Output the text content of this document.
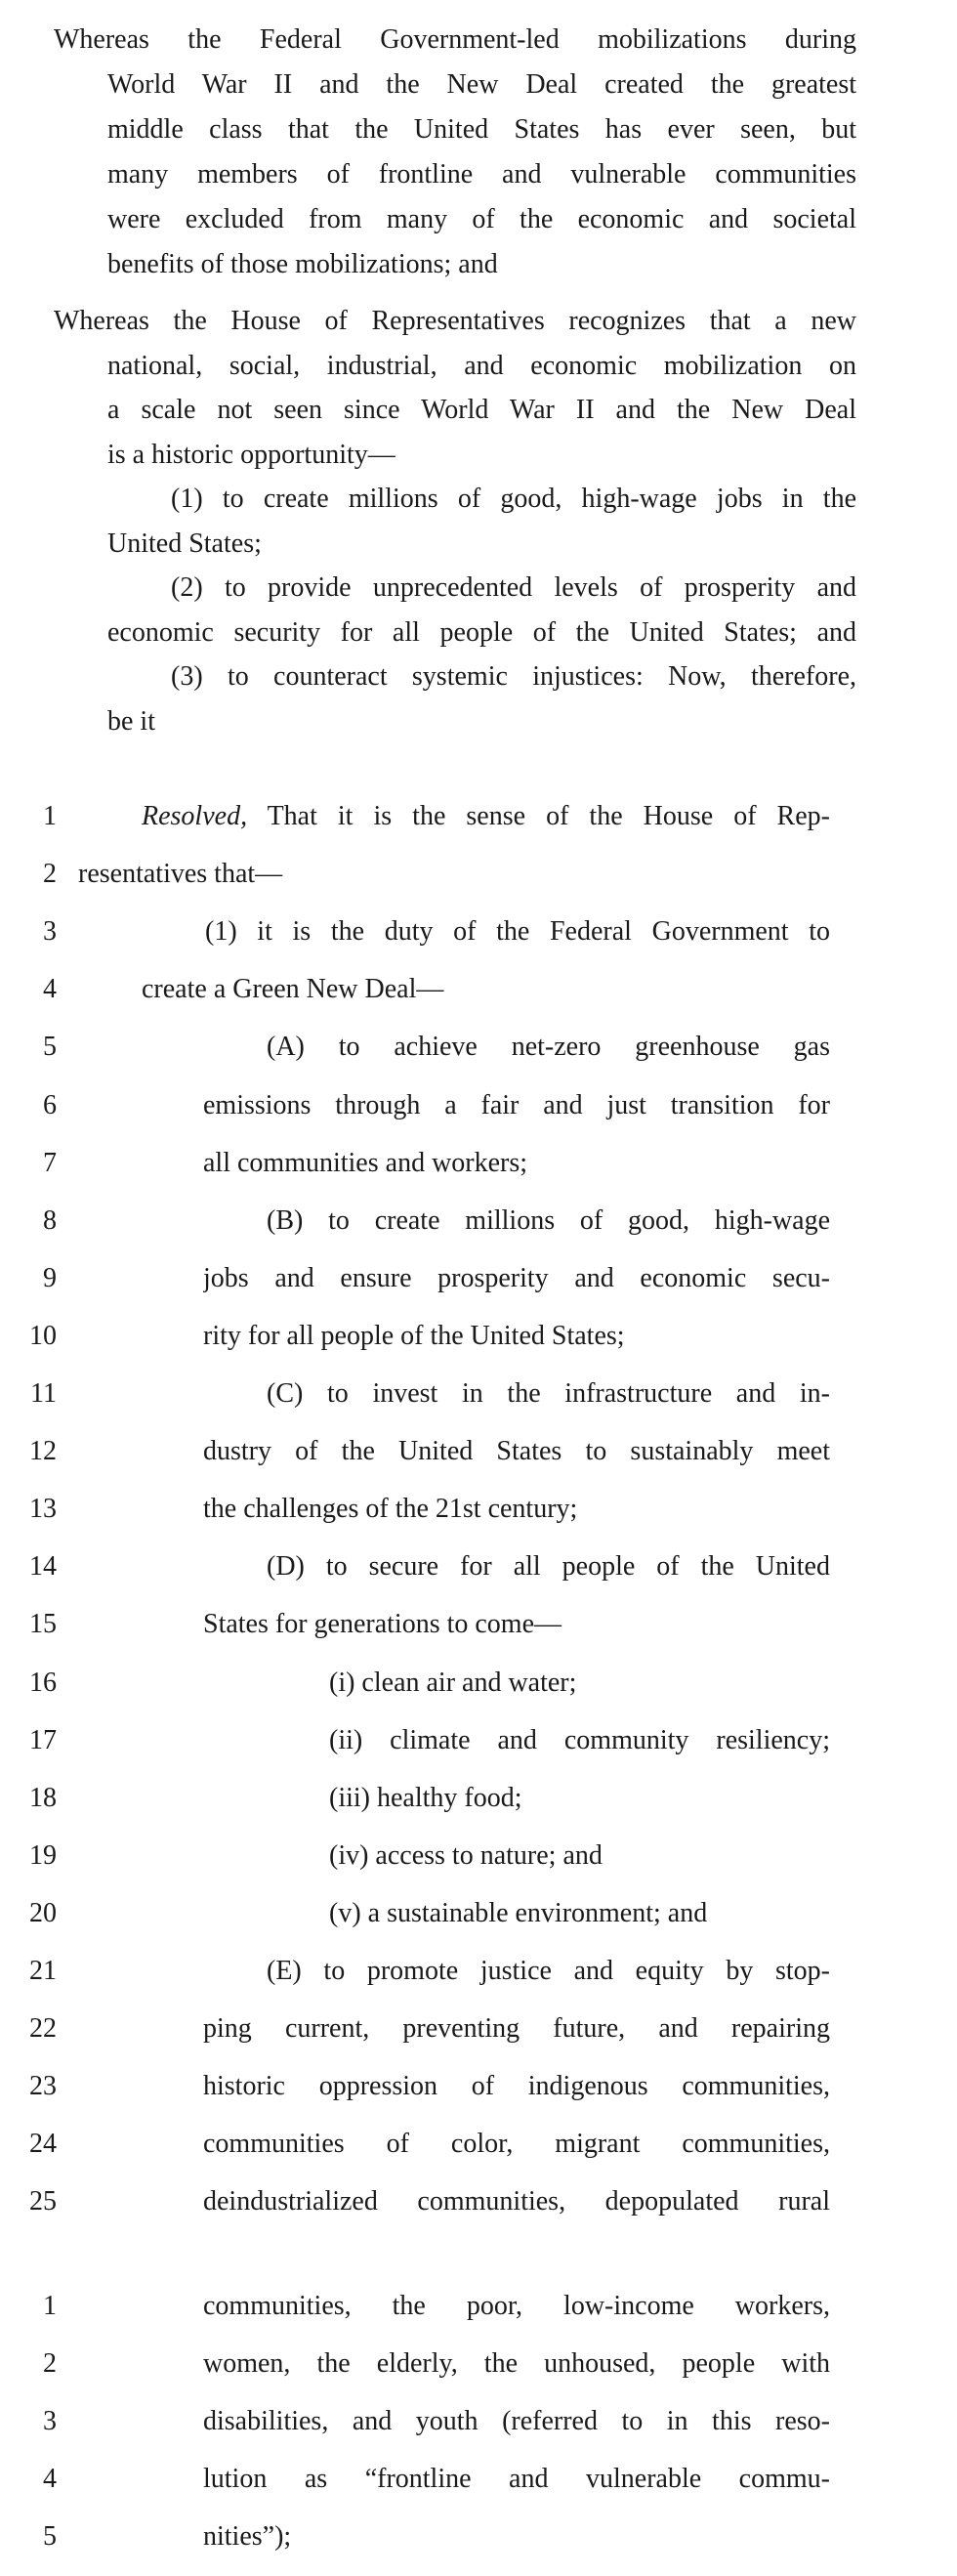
Whereas the Federal Government-led mobilizations during
World War II and the New Deal created the greatest
middle class that the United States has ever seen, but
many members of frontline and vulnerable communities
were excluded from many of the economic and societal
benefits of those mobilizations; and
Whereas the House of Representatives recognizes that a new
national, social, industrial, and economic mobilization on
a scale not seen since World War II and the New Deal
is a historic opportunity—
(1) to create millions of good, high-wage jobs in the
United States;
(2) to provide unprecedented levels of prosperity and
economic security for all people of the United States; and
(3) to counteract systemic injustices: Now, therefore,
be it
1	Resolved, That it is the sense of the House of Rep-
2 resentatives that—
3	(1) it is the duty of the Federal Government to
4	create a Green New Deal—
5	(A) to achieve net-zero greenhouse gas
6	emissions through a fair and just transition for
7	all communities and workers;
8	(B) to create millions of good, high-wage
9	jobs and ensure prosperity and economic secu-
10	rity for all people of the United States;
11	(C) to invest in the infrastructure and in-
12	dustry of the United States to sustainably meet
13	the challenges of the 21st century;
14	(D) to secure for all people of the United
15	States for generations to come—
16	(i) clean air and water;
17	(ii) climate and community resiliency;
18	(iii) healthy food;
19	(iv) access to nature; and
20	(v) a sustainable environment; and
21	(E) to promote justice and equity by stop-
22	ping current, preventing future, and repairing
23	historic oppression of indigenous communities,
24	communities of color, migrant communities,
25	deindustrialized communities, depopulated rural
1	communities, the poor, low-income workers,
2	women, the elderly, the unhoused, people with
3	disabilities, and youth (referred to in this reso-
4	lution as “frontline and vulnerable commu-
5	nities”);
